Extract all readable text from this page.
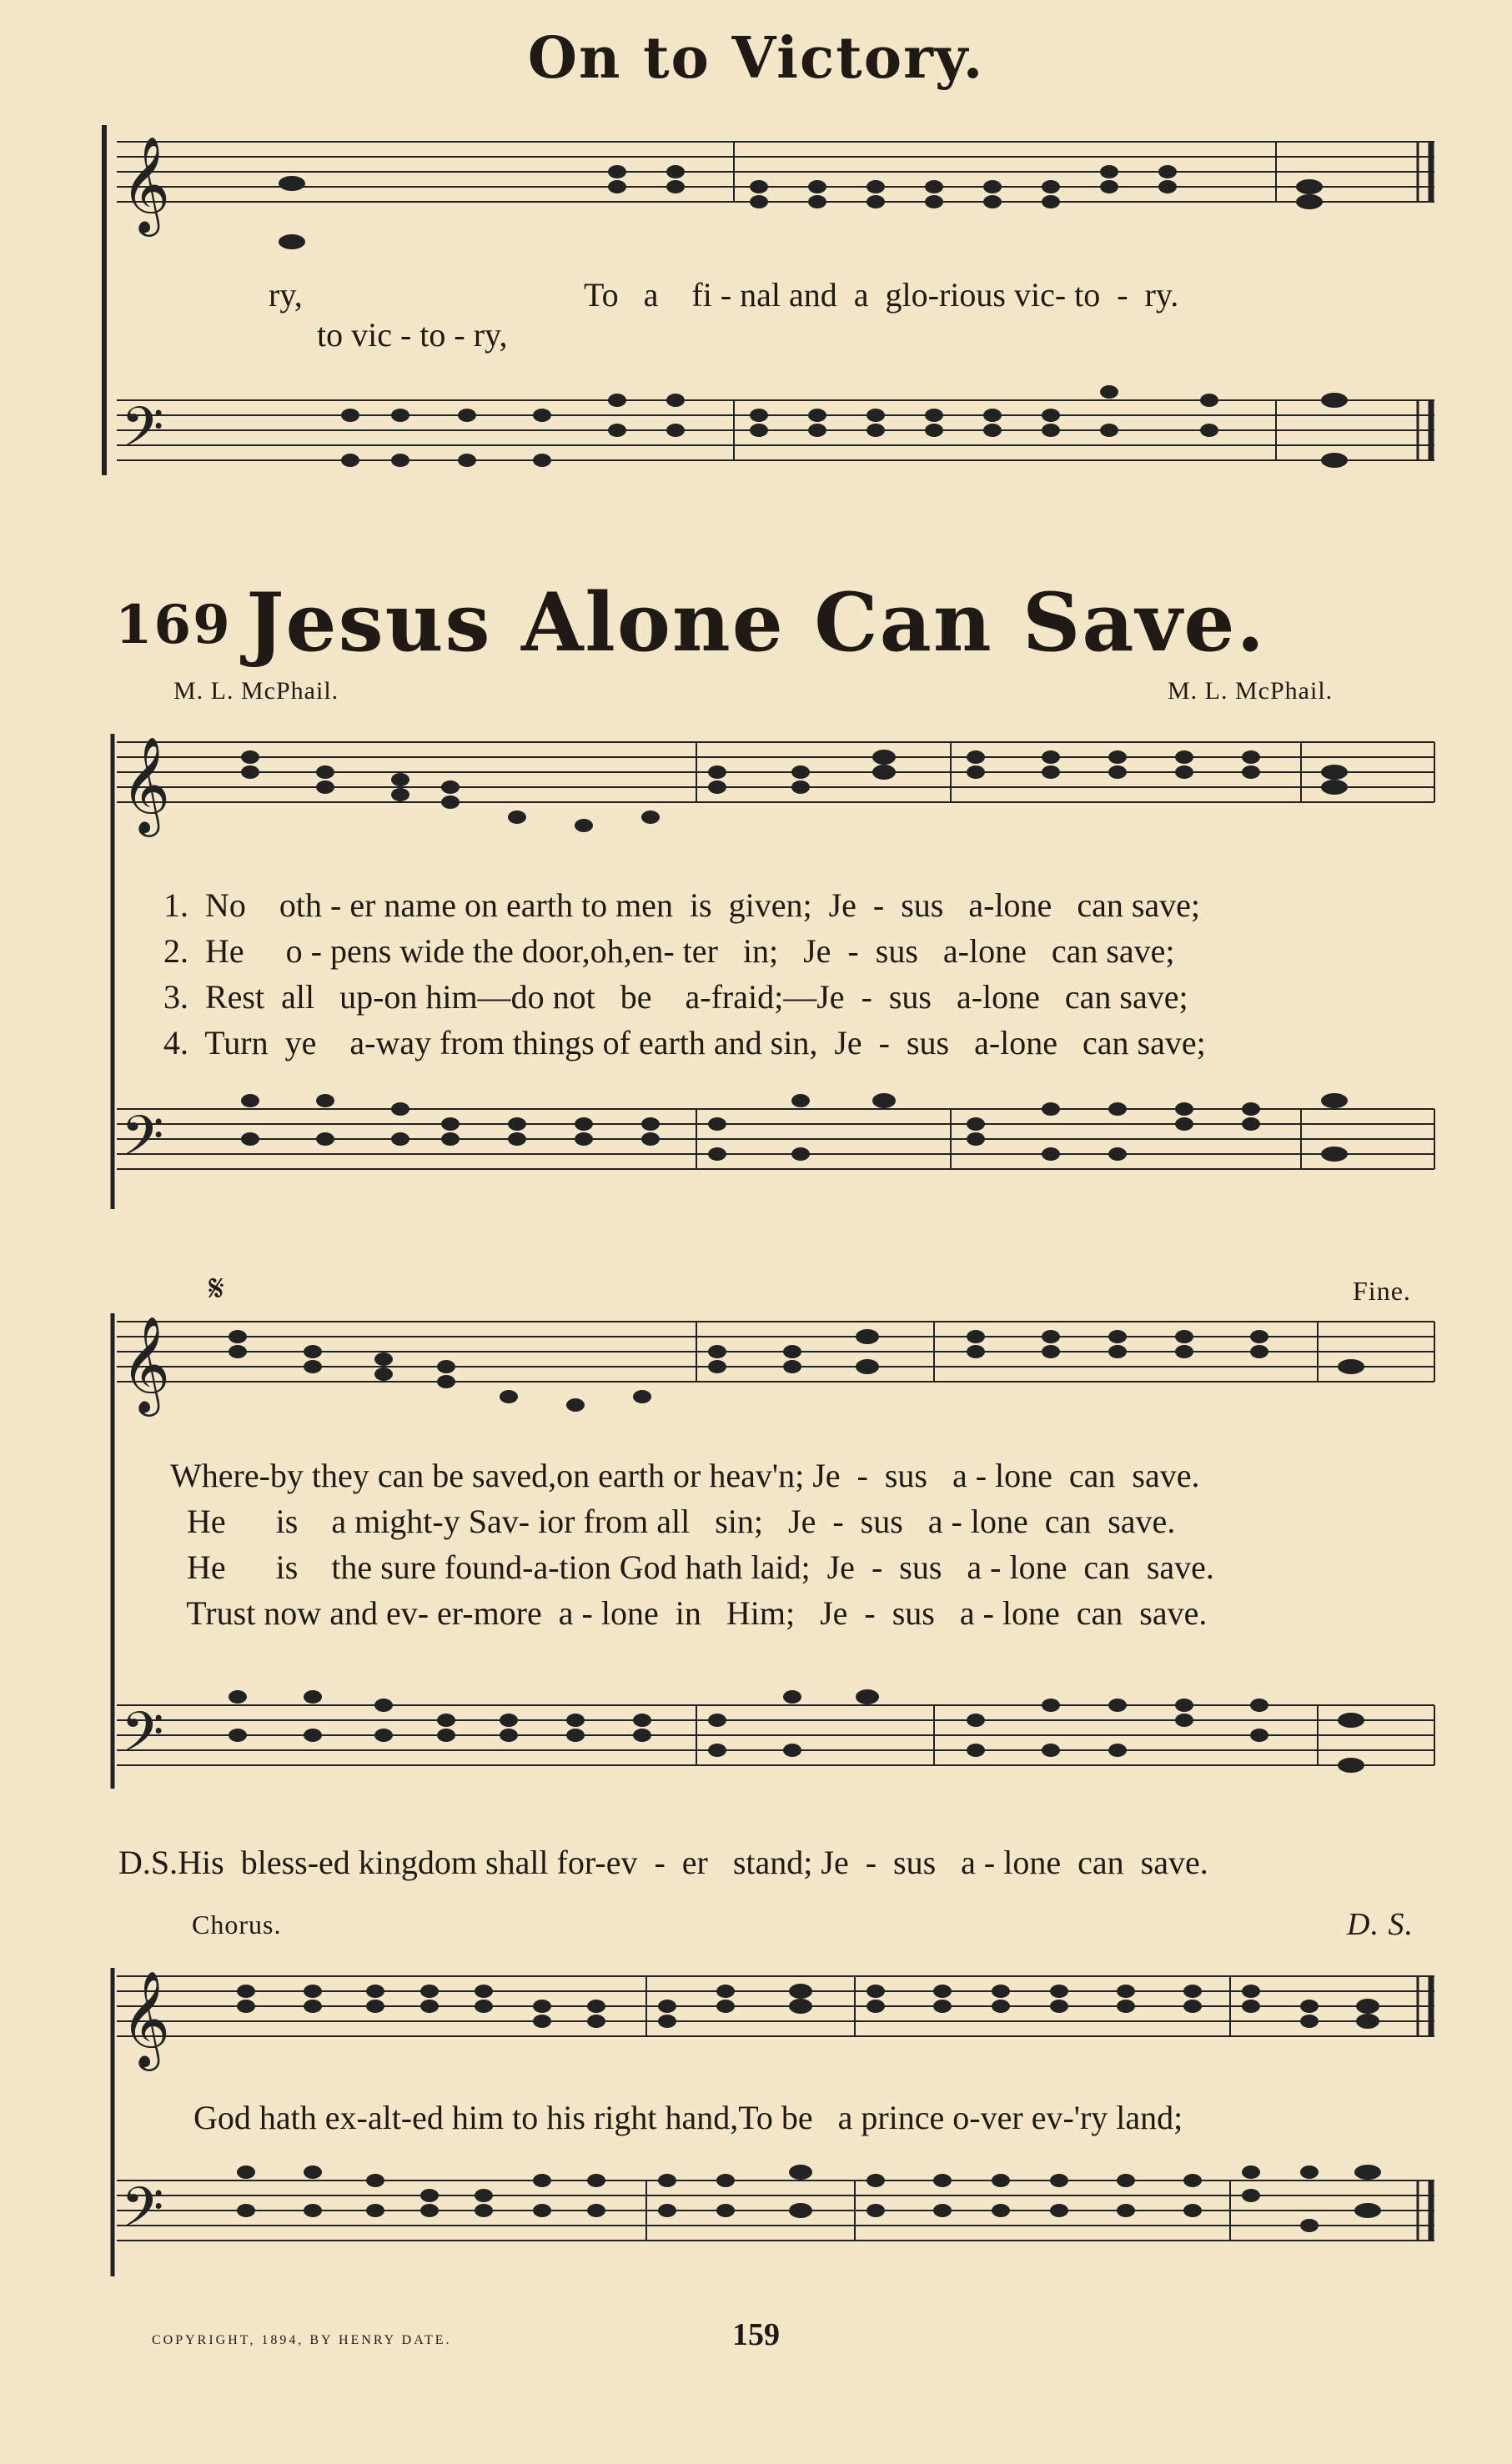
On to Victory.
𝄞
ry,	To   a    fi - nal and  a  glo-rious vic- to  -  ry.
to vic - to - ry,
𝄢
169 Jesus Alone Can Save.
M. L. McPhail.	M. L. McPhail.
𝄞
1.  No    oth - er name on earth to men  is  given;  Je  -  sus   a-lone   can save;
2.  He     o - pens wide the door,oh,en- ter   in;   Je  -  sus   a-lone   can save;
3.  Rest  all   up-on him—do not   be    a-fraid;—Je  -  sus   a-lone   can save;
4.  Turn  ye    a-way from things of earth and sin,  Je  -  sus   a-lone   can save;
𝄢
𝄋	Fine.
𝄞
Where-by they can be saved,on earth or heav'n; Je  -  sus   a - lone  can  save.
He      is    a might-y Sav- ior from all   sin;   Je  -  sus   a - lone  can  save.
He      is    the sure found-a-tion God hath laid;  Je  -  sus   a - lone  can  save.
Trust now and ev- er-more  a - lone  in   Him;   Je  -  sus   a - lone  can  save.
𝄢
D.S.His  bless-ed kingdom shall for-ev  -  er   stand; Je  -  sus   a - lone  can  save.
Chorus.	D. S.
𝄞
God hath ex-alt-ed him to his right hand,To be   a prince o-ver ev-'ry land;
𝄢
COPYRIGHT, 1894, BY HENRY DATE.	159
